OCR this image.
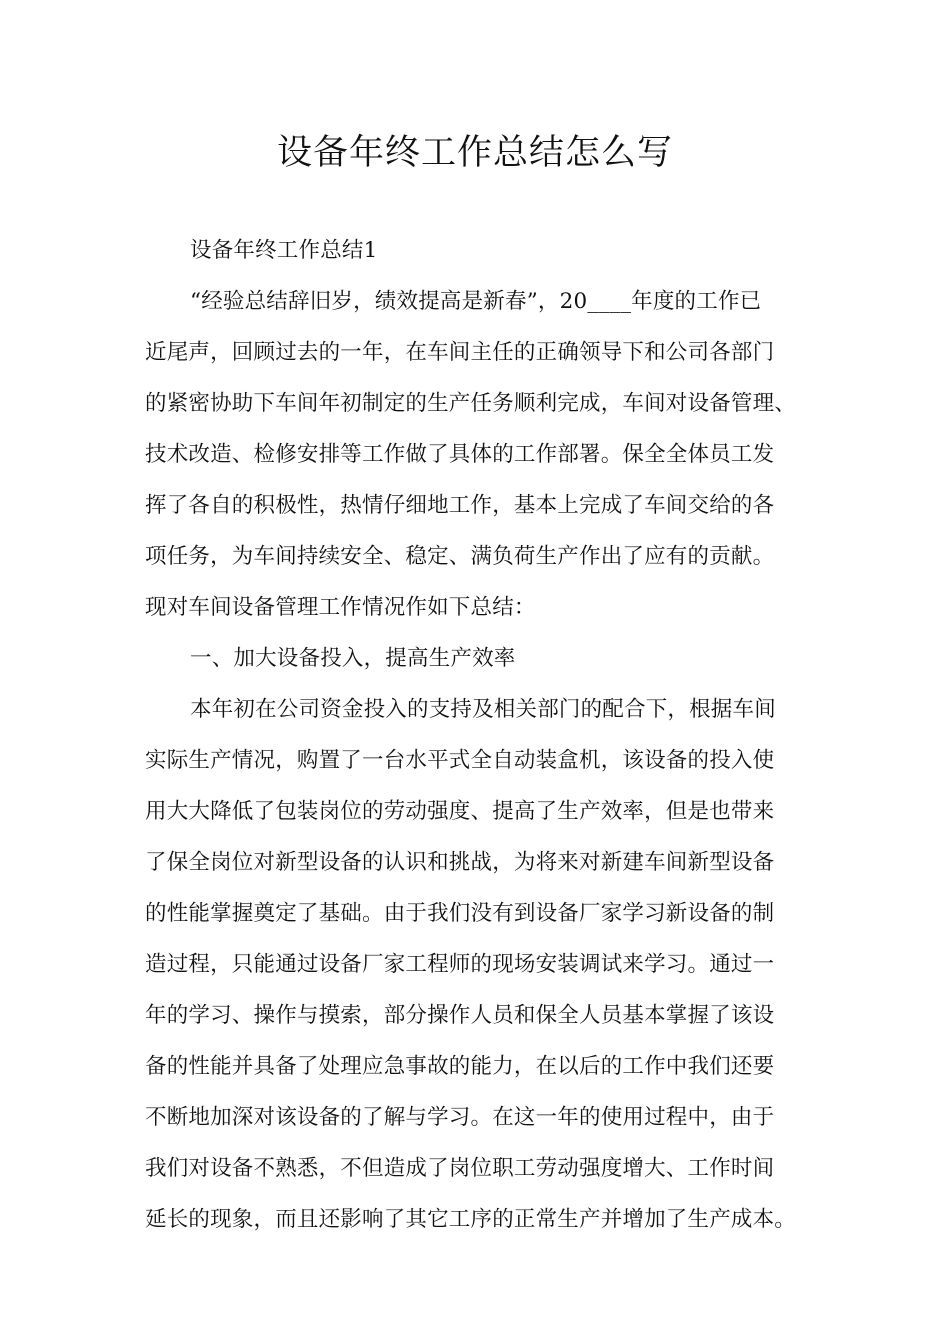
设备年终工作总结怎么写
设备年终工作总结1
“经验总结辞旧岁，绩效提高是新春”，20____年度的工作已
近尾声，回顾过去的一年，在车间主任的正确领导下和公司各部门
的紧密协助下车间年初制定的生产任务顺利完成，车间对设备管理、
技术改造、检修安排等工作做了具体的工作部署。保全全体员工发
挥了各自的积极性，热情仔细地工作，基本上完成了车间交给的各
项任务，为车间持续安全、稳定、满负荷生产作出了应有的贡献。
现对车间设备管理工作情况作如下总结：
一、加大设备投入，提高生产效率
本年初在公司资金投入的支持及相关部门的配合下，根据车间
实际生产情况，购置了一台水平式全自动装盒机，该设备的投入使
用大大降低了包装岗位的劳动强度、提高了生产效率，但是也带来
了保全岗位对新型设备的认识和挑战，为将来对新建车间新型设备
的性能掌握奠定了基础。由于我们没有到设备厂家学习新设备的制
造过程，只能通过设备厂家工程师的现场安装调试来学习。通过一
年的学习、操作与摸索，部分操作人员和保全人员基本掌握了该设
备的性能并具备了处理应急事故的能力，在以后的工作中我们还要
不断地加深对该设备的了解与学习。在这一年的使用过程中，由于
我们对设备不熟悉，不但造成了岗位职工劳动强度增大、工作时间
延长的现象，而且还影响了其它工序的正常生产并增加了生产成本。
